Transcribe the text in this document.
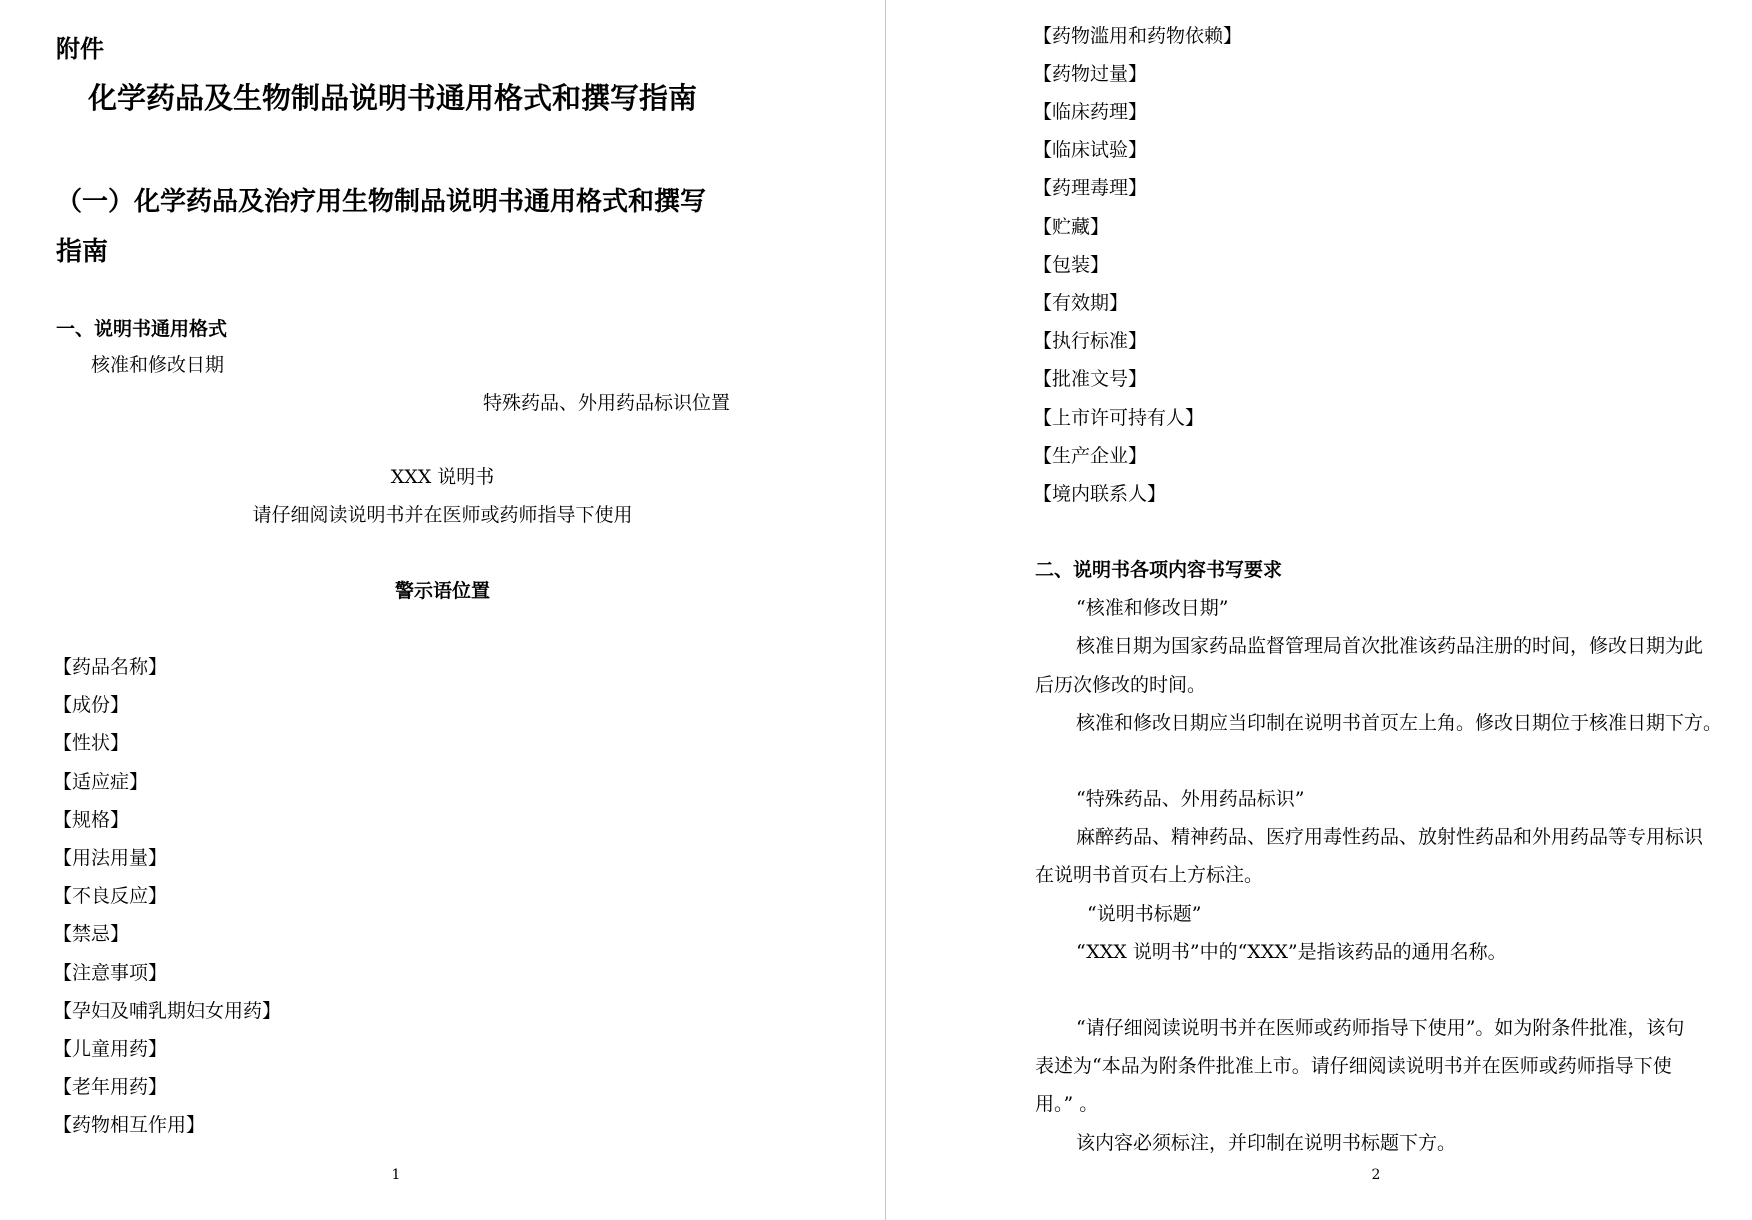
附件
化学药品及生物制品说明书通用格式和撰写指南
（一）化学药品及治疗用生物制品说明书通用格式和撰写
指南
一、说明书通用格式
核准和修改日期
特殊药品、外用药品标识位置
XXX 说明书
请仔细阅读说明书并在医师或药师指导下使用
警示语位置
【药品名称】
【成份】
【性状】
【适应症】
【规格】
【用法用量】
【不良反应】
【禁忌】
【注意事项】
【孕妇及哺乳期妇女用药】
【儿童用药】
【老年用药】
【药物相互作用】
1
【药物滥用和药物依赖】
【药物过量】
【临床药理】
【临床试验】
【药理毒理】
【贮藏】
【包装】
【有效期】
【执行标准】
【批准文号】
【上市许可持有人】
【生产企业】
【境内联系人】
二、说明书各项内容书写要求
“核准和修改日期”
核准日期为国家药品监督管理局首次批准该药品注册的时间，修改日期为此
后历次修改的时间。
核准和修改日期应当印制在说明书首页左上角。修改日期位于核准日期下方。
“特殊药品、外用药品标识”
麻醉药品、精神药品、医疗用毒性药品、放射性药品和外用药品等专用标识
在说明书首页右上方标注。
“说明书标题”
“XXX 说明书”中的“XXX”是指该药品的通用名称。
“请仔细阅读说明书并在医师或药师指导下使用”。如为附条件批准，该句
表述为“本品为附条件批准上市。请仔细阅读说明书并在医师或药师指导下使
用。” 。
该内容必须标注，并印制在说明书标题下方。
2
